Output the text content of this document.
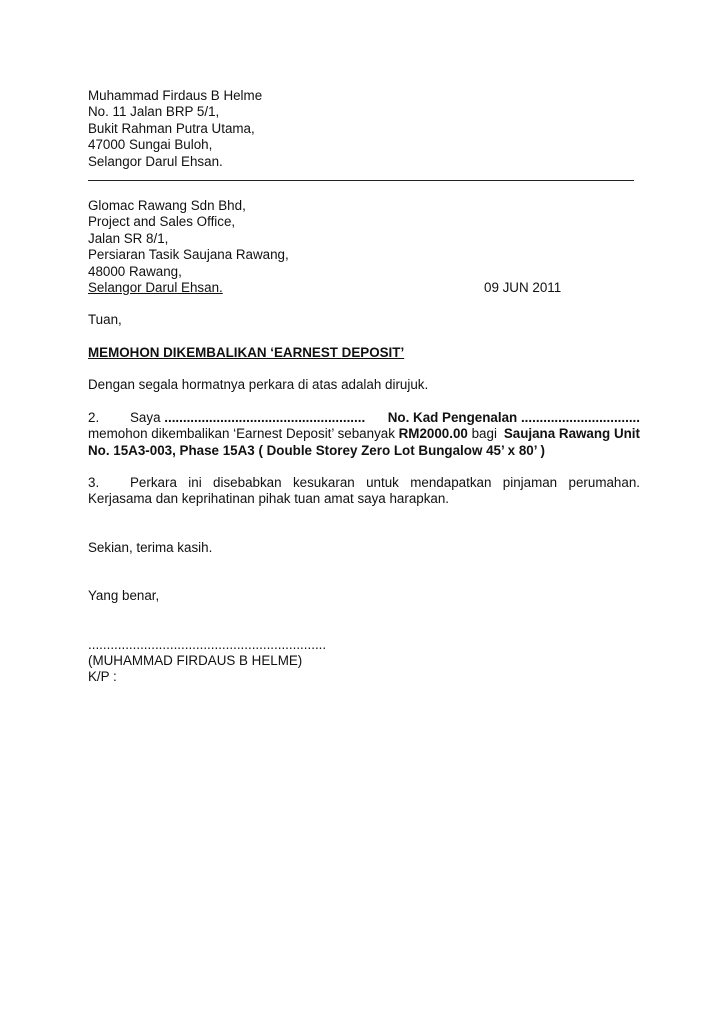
Muhammad Firdaus B Helme
No. 11 Jalan BRP 5/1,
Bukit Rahman Putra Utama,
47000 Sungai Buloh,
Selangor Darul Ehsan.
Glomac Rawang Sdn Bhd,
Project and Sales Office,
Jalan SR 8/1,
Persiaran Tasik Saujana Rawang,
48000 Rawang,
Selangor Darul Ehsan.	09 JUN 2011
Tuan,
MEMOHON DIKEMBALIKAN ‘EARNEST DEPOSIT’
Dengan segala hormatnya perkara di atas adalah dirujuk.
2. Saya ...................................................... No. Kad Pengenalan ................................
memohon dikembalikan ‘Earnest Deposit’ sebanyak RM2000.00 bagi Saujana Rawang Unit
No. 15A3-003, Phase 15A3 ( Double Storey Zero Lot Bungalow 45’ x 80’ )
3.	Perkara ini disebabkan kesukaran untuk mendapatkan pinjaman perumahan.
Kerjasama dan keprihatinan pihak tuan amat saya harapkan.
Sekian, terima kasih.
Yang benar,
................................................................
(MUHAMMAD FIRDAUS B HELME)
K/P :
